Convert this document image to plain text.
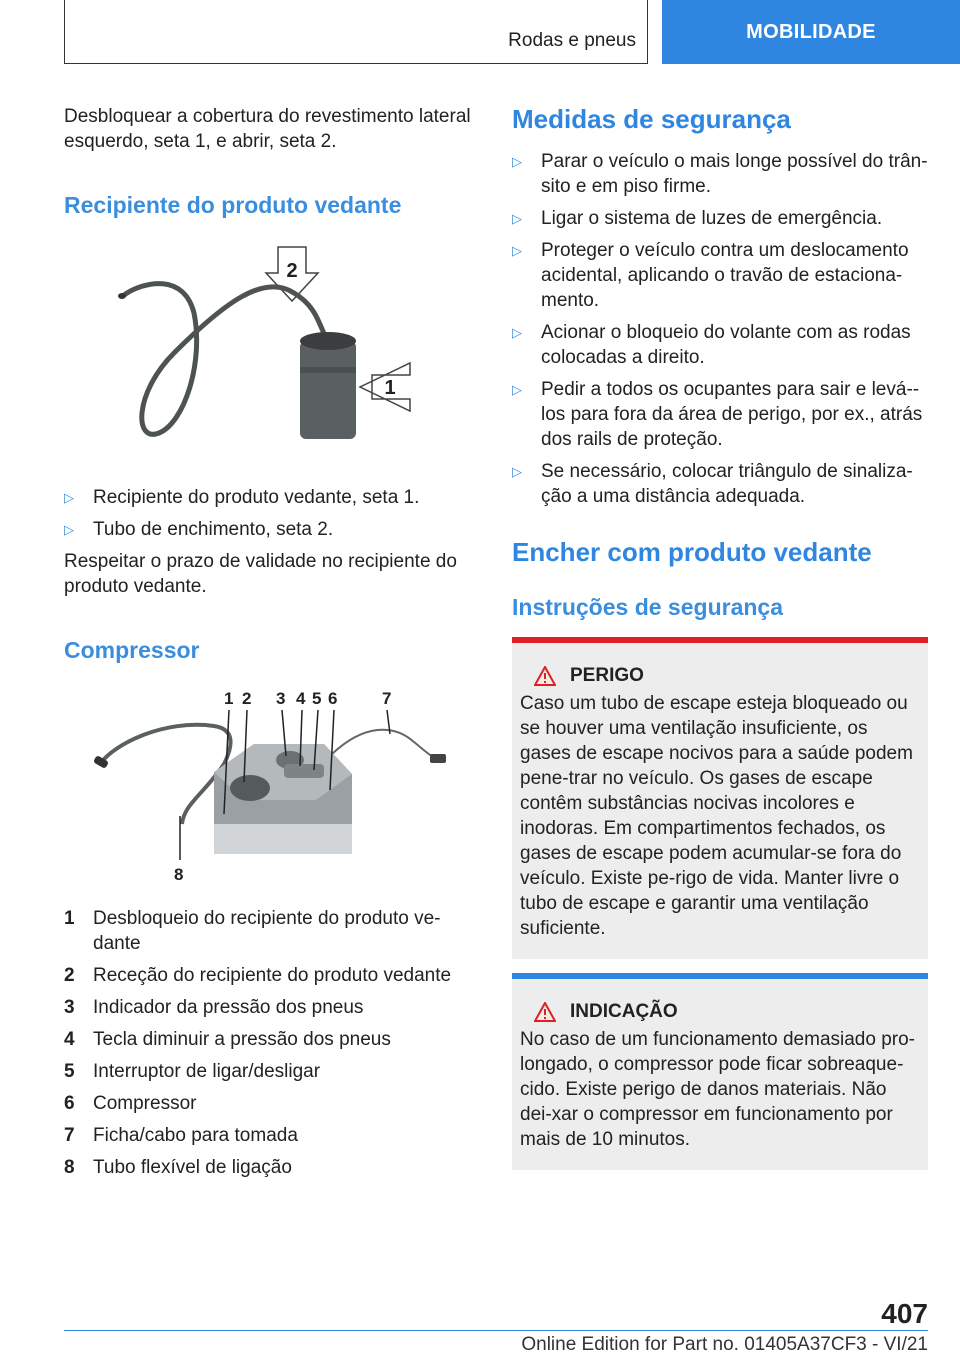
Rodas e pneus	MOBILIDADE

Desbloquear a cobertura do revestimento lateral esquerdo, seta 1, e abrir, seta 2.

Recipiente do produto vedante
2
1
▷ Recipiente do produto vedante, seta 1.
▷ Tubo de enchimento, seta 2.

Respeitar o prazo de validade no recipiente do produto vedante.

Compressor
1 2 3 4 5 6	7
8
1 Desbloqueio do recipiente do produto ve-dante
2 Receção do recipiente do produto vedante
3 Indicador da pressão dos pneus
4 Tecla diminuir a pressão dos pneus
5 Interruptor de ligar/desligar
6 Compressor
7 Ficha/cabo para tomada
8 Tubo flexível de ligação
Medidas de segurança
▷ Parar o veículo o mais longe possível do trân-sito e em piso firme.
▷ Ligar o sistema de luzes de emergência.
▷ Proteger o veículo contra um deslocamento acidental, aplicando o travão de estaciona-mento.
▷ Acionar o bloqueio do volante com as rodas colocadas a direito.
▷ Pedir a todos os ocupantes para sair e levá--los para fora da área de perigo, por ex., atrás dos rails de proteção.
▷ Se necessário, colocar triângulo de sinaliza-ção a uma distância adequada.
Encher com produto vedante
Instruções de segurança
PERIGO

Caso um tubo de escape esteja bloqueado ou se houver uma ventilação insuficiente, os gases de escape nocivos para a saúde podem pene-trar no veículo. Os gases de escape contêm substâncias nocivas incolores e inodoras. Em compartimentos fechados, os gases de escape podem acumular-se fora do veículo. Existe pe-rigo de vida. Manter livre o tubo de escape e garantir uma ventilação suficiente.

INDICAÇÃO

No caso de um funcionamento demasiado pro-longado, o compressor pode ficar sobreaque-cido. Existe perigo de danos materiais. Não dei-xar o compressor em funcionamento por mais de 10 minutos.

407
Online Edition for Part no. 01405A37CF3 - VI/21
